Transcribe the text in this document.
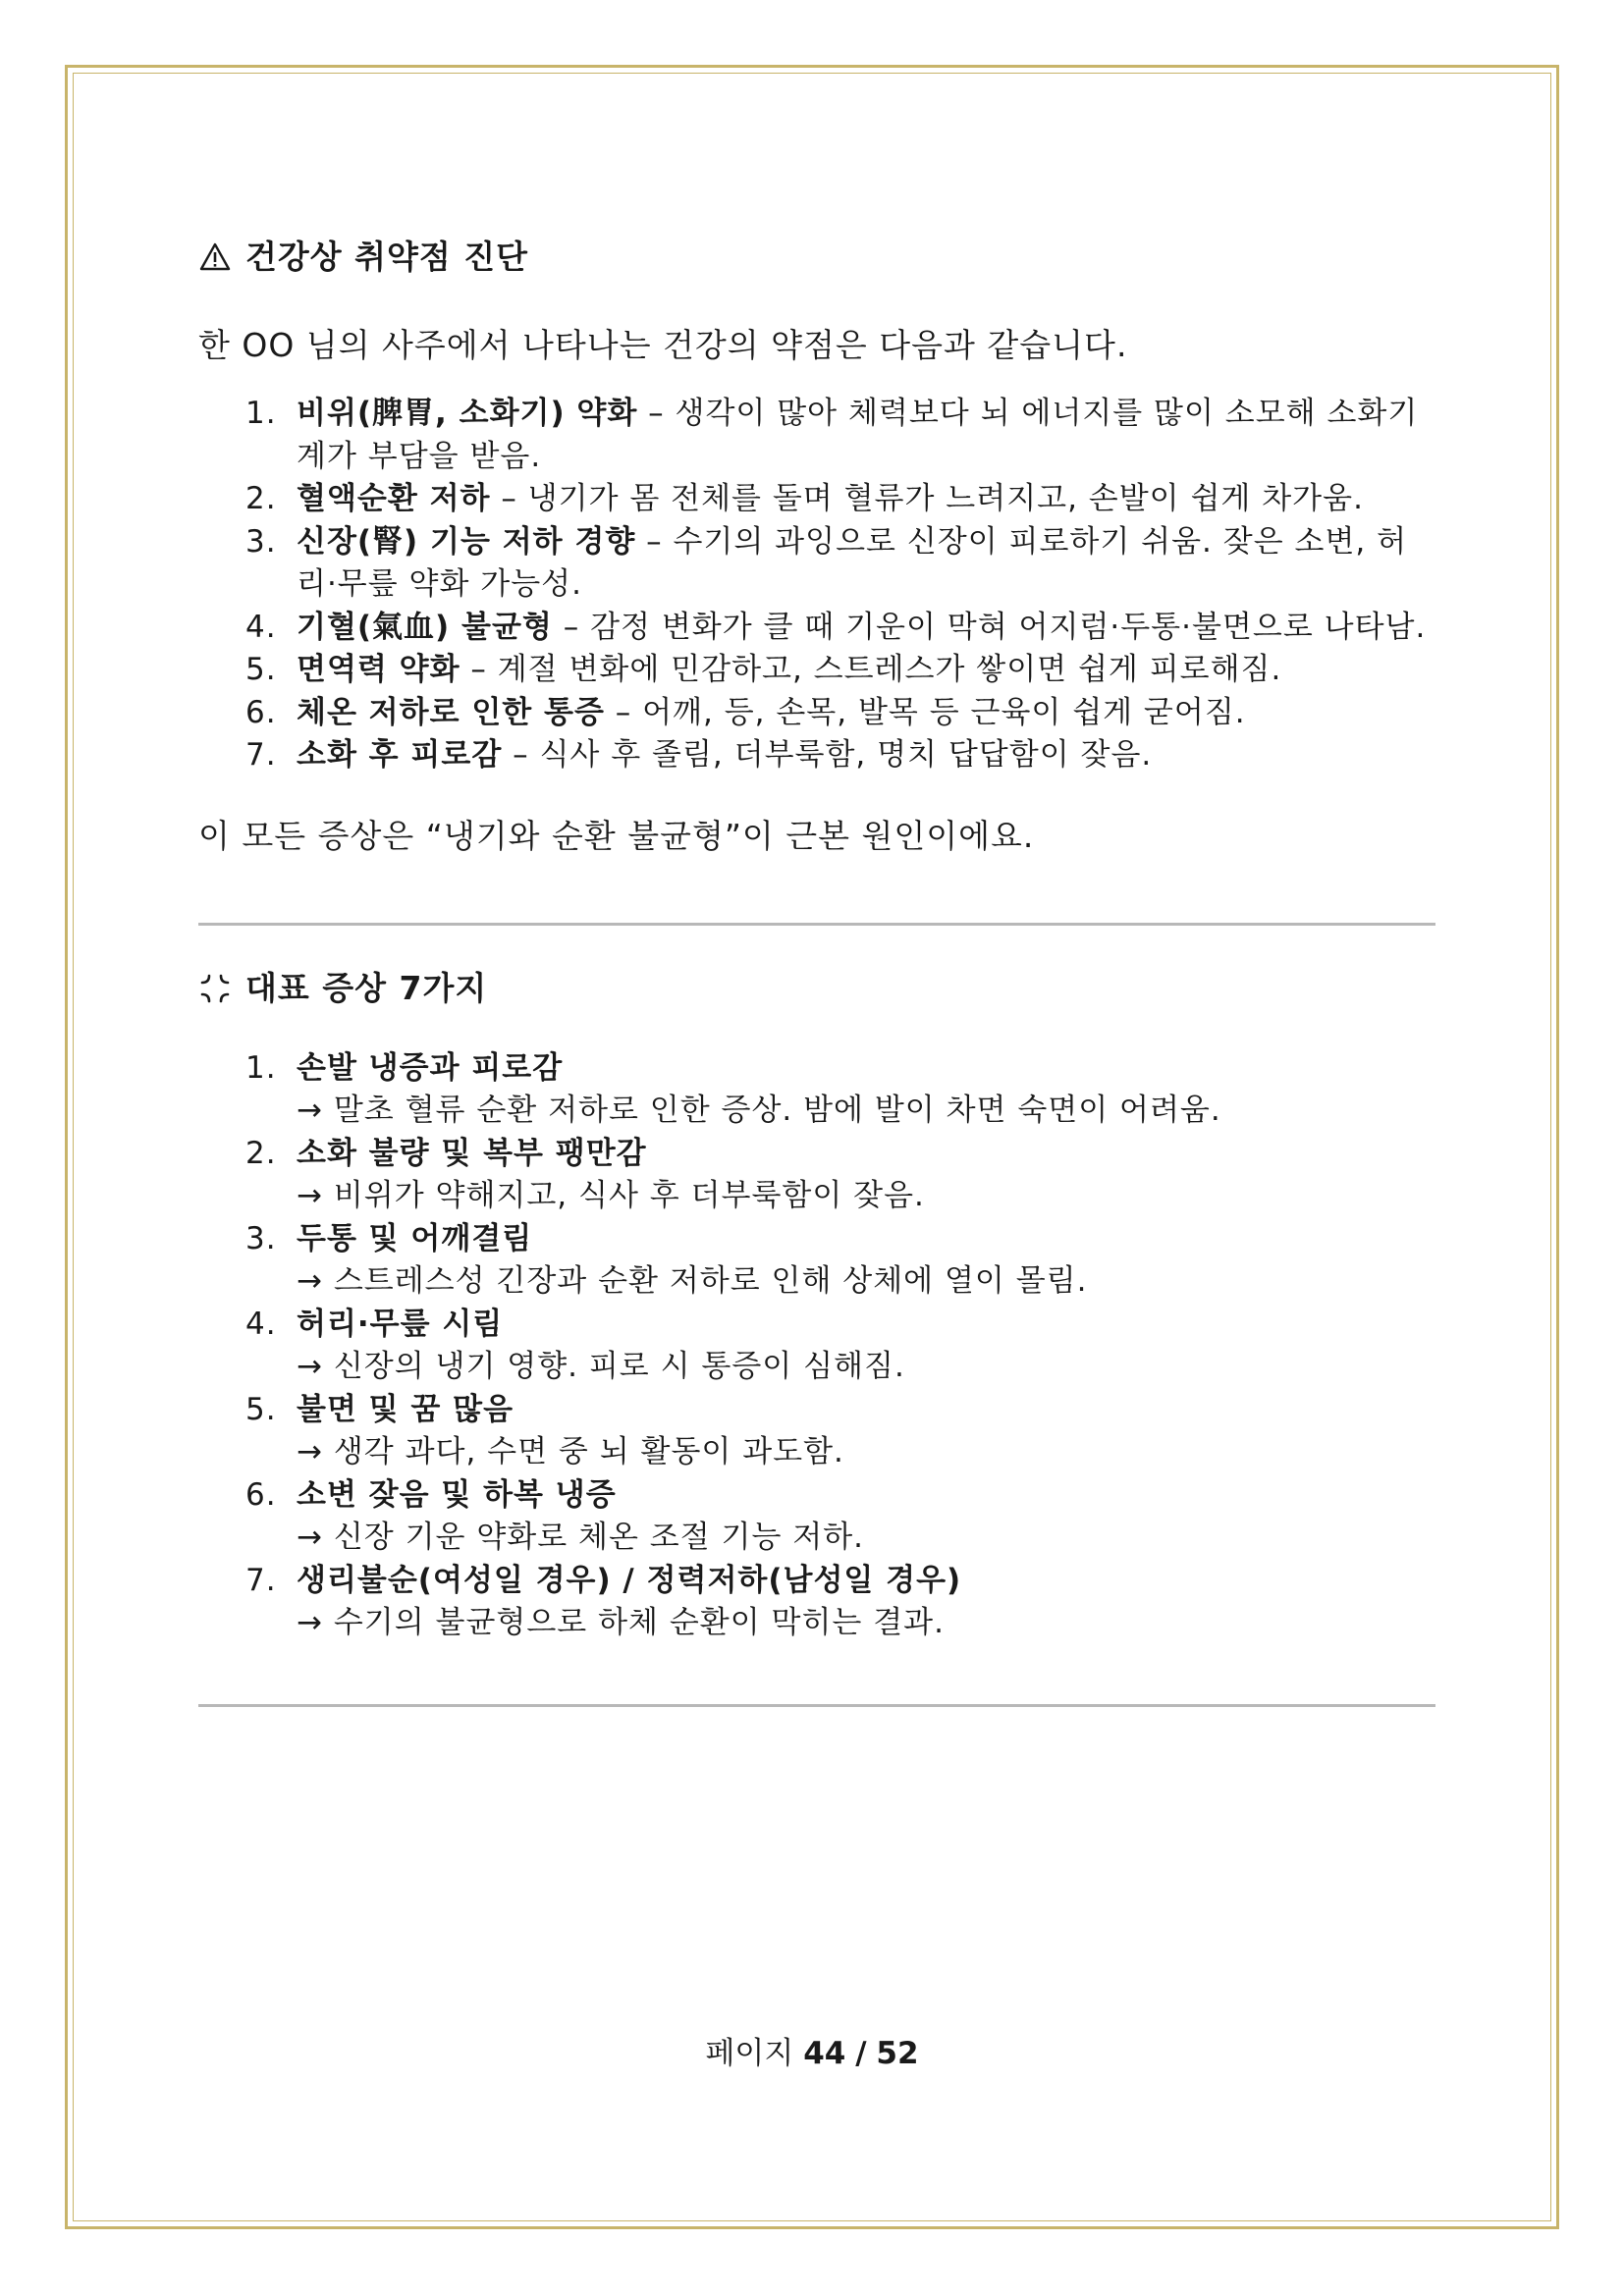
건강상 취약점 진단

한 OO 님의 사주에서 나타나는 건강의 약점은 다음과 같습니다.

1. 비위(脾胃, 소화기) 약화 – 생각이 많아 체력보다 뇌 에너지를 많이 소모해 소화기계가 부담을 받음.
2. 혈액순환 저하 – 냉기가 몸 전체를 돌며 혈류가 느려지고, 손발이 쉽게 차가움.
3. 신장(腎) 기능 저하 경향 – 수기의 과잉으로 신장이 피로하기 쉬움. 잦은 소변, 허리·무릎 약화 가능성.
4. 기혈(氣血) 불균형 – 감정 변화가 클 때 기운이 막혀 어지럼·두통·불면으로 나타남.
5. 면역력 약화 – 계절 변화에 민감하고, 스트레스가 쌓이면 쉽게 피로해짐.
6. 체온 저하로 인한 통증 – 어깨, 등, 손목, 발목 등 근육이 쉽게 굳어짐.
7. 소화 후 피로감 – 식사 후 졸림, 더부룩함, 명치 답답함이 잦음.

이 모든 증상은 “냉기와 순환 불균형”이 근본 원인이에요.

대표 증상 7가지
1. 손발 냉증과 피로감
→ 말초 혈류 순환 저하로 인한 증상. 밤에 발이 차면 숙면이 어려움.
2. 소화 불량 및 복부 팽만감
→ 비위가 약해지고, 식사 후 더부룩함이 잦음.
3. 두통 및 어깨결림
→ 스트레스성 긴장과 순환 저하로 인해 상체에 열이 몰림.
4. 허리·무릎 시림
→ 신장의 냉기 영향. 피로 시 통증이 심해짐.
5. 불면 및 꿈 많음
→ 생각 과다, 수면 중 뇌 활동이 과도함.
6. 소변 잦음 및 하복 냉증
→ 신장 기운 약화로 체온 조절 기능 저하.
7. 생리불순(여성일 경우) / 정력저하(남성일 경우)
→ 수기의 불균형으로 하체 순환이 막히는 결과.
페이지 44 / 52
